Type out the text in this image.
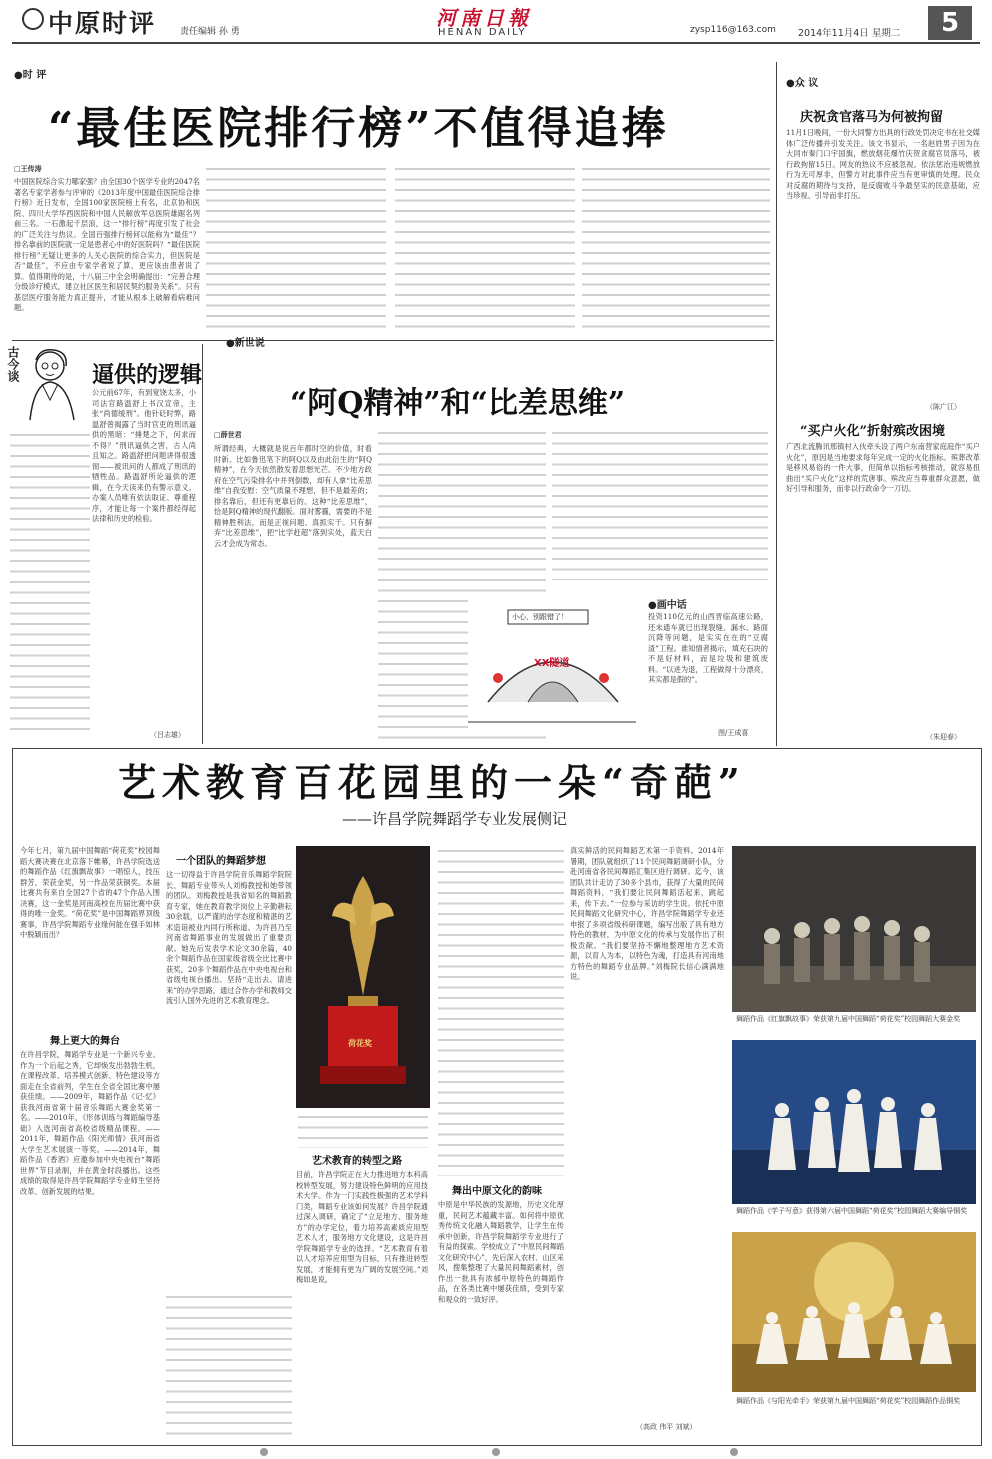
中原时评	责任编辑 孙 勇
河南日報
HENAN DAILY	zysp116@163.com 2014年11月4日 星期二 5
●时 评
“最佳医院排行榜”不值得追捧
□王传涛
中国医院综合实力哪家强？由全国30个医学专业的2047名著名专家学者参与评审的《2013年度中国最佳医院综合排行榜》近日发布，全国100家医院榜上有名，北京协和医院、四川大学华西医院和中国人民解放军总医院雄踞名列前三名。一石激起千层浪，这一“排行榜”再度引发了社会的广泛关注与热议。全国百强排行榜何以能称为“最佳”？排名靠前的医院就一定是患者心中的好医院吗？“最佳医院排行榜”无疑让更多的人关心医院的综合实力，但医院是否“最佳”，不应由专家学者说了算，更应该由患者说了算。值得期待的是，十八届三中全会明确提出：“完善合理分级诊疗模式，建立社区医生和居民契约服务关系”。只有基层医疗服务能力真正提升，才能从根本上破解看病难问题。
古今谈	逼供的逻辑
公元前67年，有到宽饶太多，小司法官路温舒上书汉宣帝，主张“尚德缓刑”。他针砭时弊，路温舒曾揭露了当时官吏的刑讯逼供的黑暗：“捶楚之下，何求而不得？”刑讯逼供之害，古人尚且知之。路温舒把问题讲得很透彻——被讯问的人都成了刑讯的牺牲品。路温舒所论逼供的逻辑，在今天读来仍有警示意义。办案人员唯有依法取证、尊重程序，才能让每一个案件都经得起法律和历史的检验。
（吕志雄）
●新世说
“阿Q精神”和“比差思维”
□薛世君
所谓经典，大概就是说百年都时空的价值，时看时新。比如鲁迅笔下的阿Q以及由此衍生的“阿Q精神”，在今天依然散发着思想光芒。不少地方政府在空气污染排名中并列倒数，却有人拿“比差思维”自我安慰：空气质量不理想，但不是最差的；排名靠后，但还有更靠后的。这种“比差思维”，恰是阿Q精神的现代翻版。面对雾霾，需要的不是精神胜利法，而是正视问题、真抓实干。只有摒弃“比差思维”，把“比学赶超”落到实处，蓝天白云才会成为常态。
小心，别跟错了！
XX隧道
●画中话
投资110亿元的山西晋临高速公路，还未通车就已出现裂缝、漏水、路面沉降等问题，是实实在在的“豆腐渣”工程。谁知情者揭示，填充石块的不是好材料，而是垃圾和建筑废料。“以进为退，工程做得十分漂亮，其实都是假的”。
图/王成喜
●众 议
庆祝贪官落马为何被拘留
11月1日晚间，一份大同警方出具的行政处罚决定书在社交媒体广泛传播并引发关注。该文书显示，一名赵姓男子因为在大同市秦门口宇国旗，燃放烟花爆竹庆贺贪腐官员落马，被行政拘留15日。网友的热议不应被忽视。依法惩治违规燃放行为无可厚非，但警方对此事件应当有更审慎的处理。民众对反腐的期待与支持，是反腐败斗争最坚实的民意基础，应当珍视、引导而非打压。
（陈广江）
“买户火化”折射殡改困境
广西北流腾讯邢镇村入伙牵头设了两户东南营家庭庭作“买户火化”，原因是当地要求每年完成一定的火化指标。殡葬改革是移风易俗的一件大事，但简单以指标考核推动，就容易扭曲出“买户火化”这样的荒唐事。殡改应当尊重群众意愿，做好引导和服务，而非以行政命令一刀切。
（朱迎春）
艺术教育百花园里的一朵“奇葩”
——许昌学院舞蹈学专业发展侧记
今年七月，第九届中国舞蹈“荷花奖”校园舞蹈大赛决赛在北京落下帷幕，许昌学院选送的舞蹈作品《红旗飘故事》一唱惊人，技压群芳，荣获金奖，另一作品荣获铜奖。本届比赛共有来自全国27个省的47个作品入围决赛，这一金奖是河南高校在历届比赛中获得的唯一金奖。“荷花奖”是中国舞蹈界顶级赛事，许昌学院舞蹈专业缘何能在强手如林中脱颖而出？
舞上更大的舞台
在许昌学院，舞蹈学专业是一个新兴专业。作为一个后起之秀，它却焕发出勃勃生机，在课程改革、培养模式创新、特色建设等方面走在全省前列，学生在全省全国比赛中屡获佳绩。——2009年，舞蹈作品《记·忆》获我河南省第十届音乐舞蹈大赛金奖第一名。——2010年，《形体训练与舞蹈编导基础》入选河南省高校省级精品课程。——2011年，舞蹈作品《阳光师情》获河南省大学生艺术展演一等奖。——2014年，舞蹈作品《香酒》应邀参加中央电视台“舞蹈世界”节目录制，并在黄金时段播出。这些成绩的取得是许昌学院舞蹈学专业师生坚持改革、创新发展的结果。
一个团队的舞蹈梦想
这一切得益于许昌学院音乐舞蹈学院院长、舞蹈专业带头人刘梅教授和她带领的团队。刘梅教授是我省知名的舞蹈教育专家，她在教育教学岗位上辛勤耕耘30余载，以严谨的治学态度和精湛的艺术造诣被业内同行所称道。为许昌乃至河南省舞蹈事业的发展做出了重要贡献。她先后发表学术论文30余篇，40余个舞蹈作品在国家级省级全比比赛中获奖，20多个舞蹈作品在中央电视台和省级电视台播出。坚持“走出去、请进来”的办学思路，通过合作办学和教师交流引入国外先进的艺术教育理念。
荷花奖
艺术教育的转型之路
目前，许昌学院正在大力推进地方本科高校转型发展，努力建设特色鲜明的应用技术大学。作为一门实践性极强的艺术学科门类，舞蹈专业该如何发展？许昌学院通过深入调研，确定了“立足地方、服务地方”的办学定位，着力培养高素质应用型艺术人才，服务地方文化建设，这是许昌学院舞蹈学专业的选择。“艺术教育有着以人才培养应用型为目标，只有推进转型发展，才能拥有更为广阔的发展空间。”刘梅如是说。
舞出中原文化的韵味
中原是中华民族的发源地，历史文化厚重，民间艺术蕴藏丰富。如何将中原优秀传统文化融入舞蹈教学，让学生在传承中创新，许昌学院舞蹈学专业进行了有益的探索。学校成立了“中原民间舞蹈文化研究中心”，先后深入农村、山区采风，搜集整理了大量民间舞蹈素材，创作出一批具有浓郁中原特色的舞蹈作品，在各类比赛中屡获佳绩，受到专家和观众的一致好评。
真实鲜活的民间舞蹈艺术第一手资料。2014年暑期，团队就组织了11个民间舞蹈调研小队，分赴河南省各民间舞蹈汇集区进行调研。迄今，该团队共计走访了30多个县市，获得了大量的民间舞蹈资料，“我们要让民间舞蹈活起来，跳起来，传下去。”一位参与采访的学生说。依托中原民间舞蹈文化研究中心，许昌学院舞蹈学专业还申报了多项省级科研课题，编写出版了具有地方特色的教材，为中原文化的传承与发展作出了积极贡献。“我们要坚持不懈地整理地方艺术资源，以育人为本，以特色为魂，打造具有河南地方特色的舞蹈专业品牌。”刘梅院长信心满满地说。
（高政 伟平 刘斌）
舞蹈作品《红旗飘故事》荣获第九届中国舞蹈“荷花奖”校园舞蹈大赛金奖
舞蹈作品《学子写意》获得第六届中国舞蹈“荷花奖”校园舞蹈大赛编导铜奖
舞蹈作品《与阳光牵手》荣获第九届中国舞蹈“荷花奖”校园舞蹈作品铜奖
